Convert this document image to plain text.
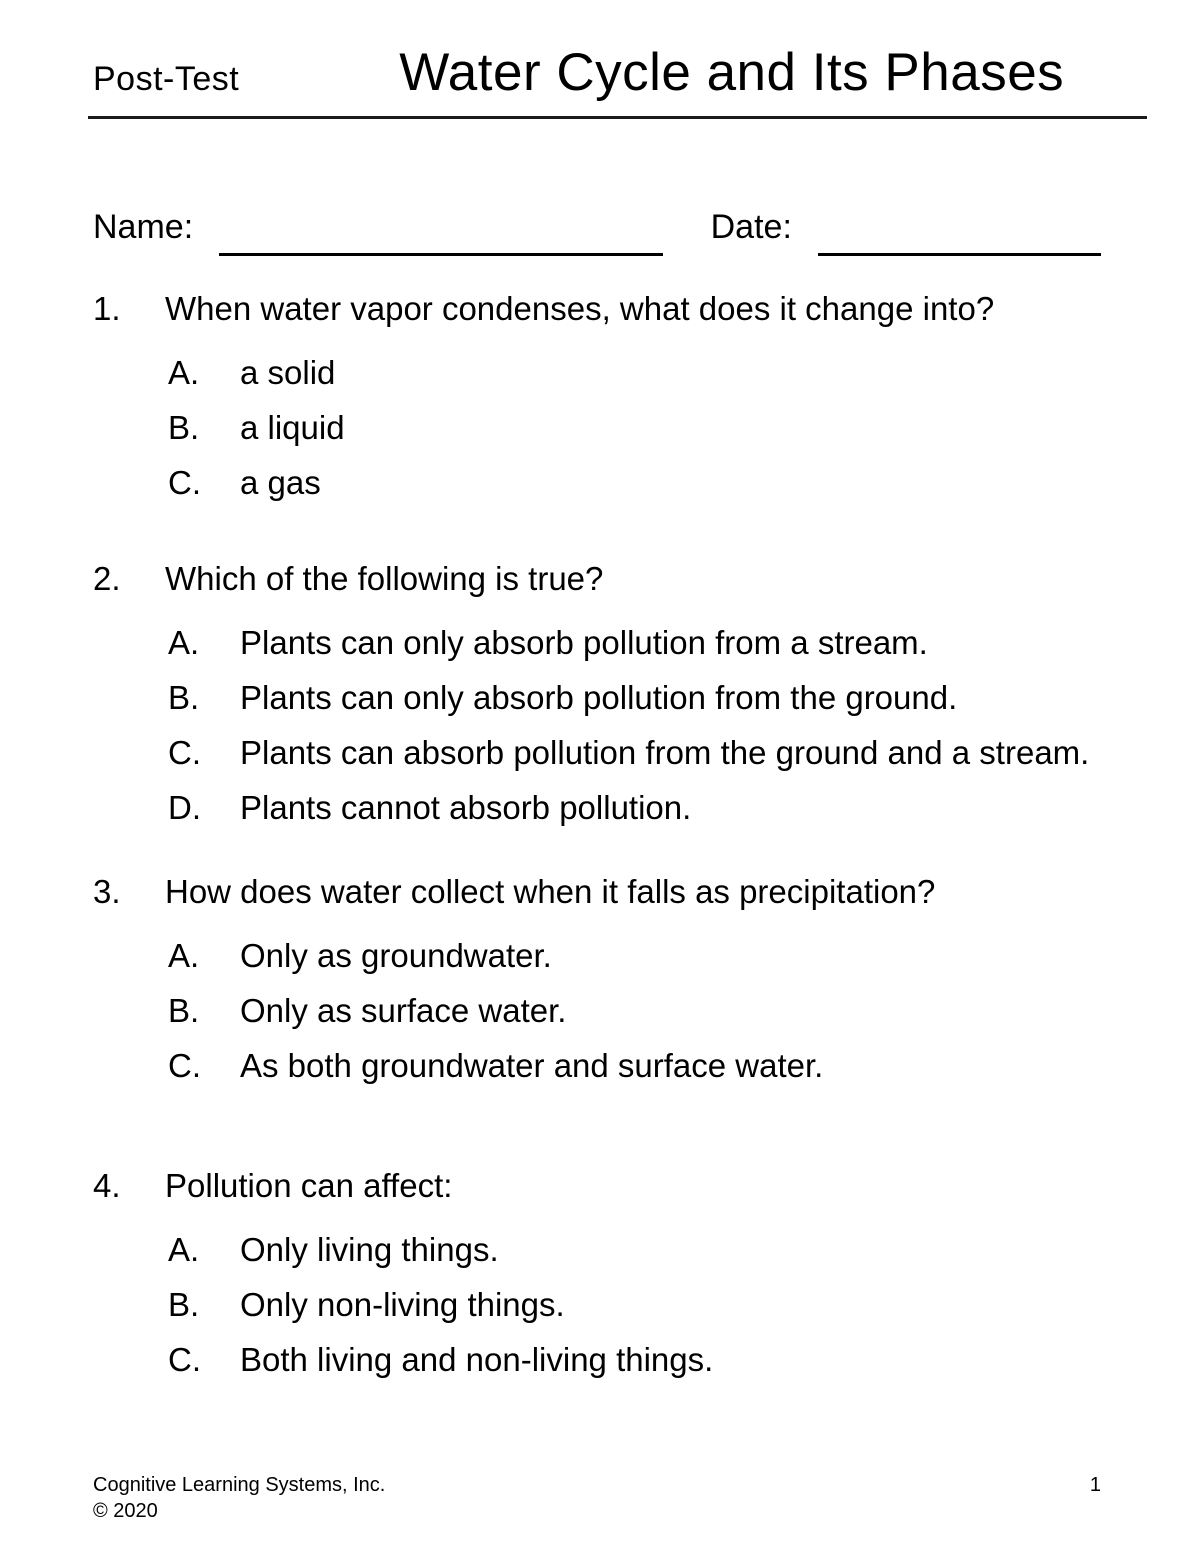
Post-Test	Water Cycle and Its Phases
Name:	Date:
1.	When water vapor condenses, what does it change into?
A.	a solid
B.	a liquid
C.	a gas
2.	Which of the following is true?
A.	Plants can only absorb pollution from a stream.
B.	Plants can only absorb pollution from the ground.
C.	Plants can absorb pollution from the ground and a stream.
D.	Plants cannot absorb pollution.
3.	How does water collect when it falls as precipitation?
A.	Only as groundwater.
B.	Only as surface water.
C.	As both groundwater and surface water.
4.	Pollution can affect:
A.	Only living things.
B.	Only non-living things.
C.	Both living and non-living things.
Cognitive Learning Systems, Inc.
© 2020
1
